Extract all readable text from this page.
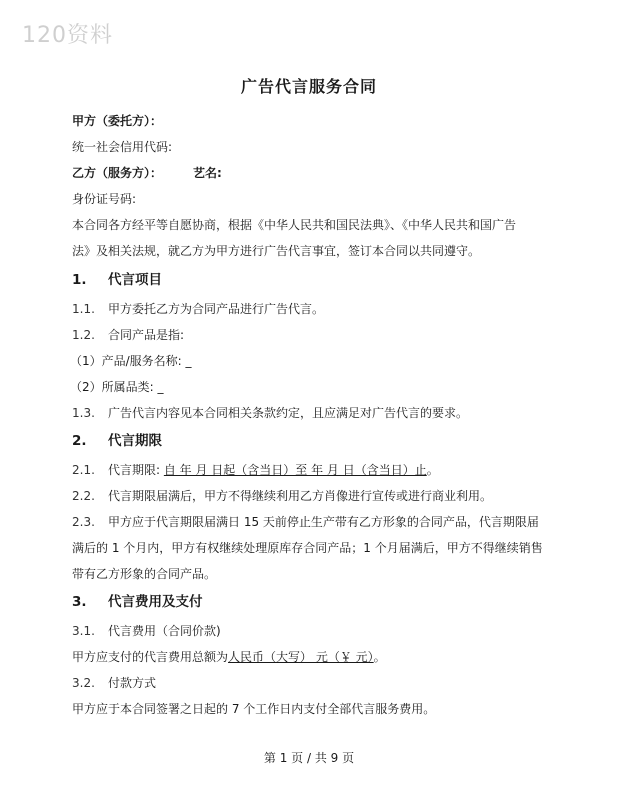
120资料
广告代言服务合同
甲方（委托方）：
统一社会信用代码:
乙方（服务方）：	艺名:
身份证号码:
本合同各方经平等自愿协商，根据《中华人民共和国民法典》、《中华人民共和国广告
法》及相关法规，就乙方为甲方进行广告代言事宜，签订本合同以共同遵守。
1. 代言项目
1.1. 甲方委托乙方为合同产品进行广告代言。
1.2. 合同产品是指:
（1）产品/服务名称: _
（2）所属品类: _
1.3. 广告代言内容见本合同相关条款约定，且应满足对广告代言的要求。
2. 代言期限
2.1. 代言期限: 自 年 月 日起（含当日）至 年 月 日（含当日）止。
2.2. 代言期限届满后，甲方不得继续利用乙方肖像进行宣传或进行商业利用。
2.3. 甲方应于代言期限届满日 15 天前停止生产带有乙方形象的合同产品，代言期限届
满后的 1 个月内，甲方有权继续处理原库存合同产品；1 个月届满后，甲方不得继续销售
带有乙方形象的合同产品。
3. 代言费用及支付
3.1. 代言费用（合同价款)
甲方应支付的代言费用总额为人民币（大写） 元（￥ 元）。
3.2. 付款方式
甲方应于本合同签署之日起的 7 个工作日内支付全部代言服务费用。
第 1 页 / 共 9 页
